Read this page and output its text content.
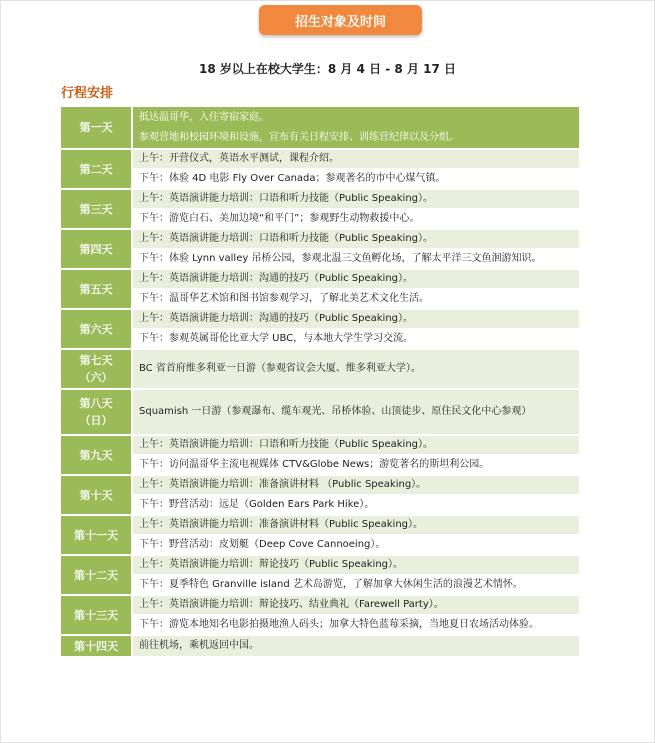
招生对象及时间
18 岁以上在校大学生：8 月 4 日 - 8 月 17 日
行程安排
第一天	抵达温哥华，入住寄宿家庭。
参观营地和校园环境和设施，宣布有关日程安排、训练营纪律以及分组。

第二天	上午：开营仪式，英语水平测试，课程介绍。
	下午：体验 4D 电影 Fly Over Canada；参观著名的市中心煤气镇。
第三天	上午：英语演讲能力培训：口语和听力技能（Public Speaking）。
	下午：游览白石、美加边境“和平门”；参观野生动物救援中心。
第四天	上午：英语演讲能力培训：口语和听力技能（Public Speaking）。
	下午：体验 Lynn valley 吊桥公园，参观北温三文鱼孵化场，了解太平洋三文鱼洄游知识。
第五天	上午：英语演讲能力培训：沟通的技巧（Public Speaking）。
	下午：温哥华艺术馆和图书馆参观学习，了解北美艺术文化生活。
第六天	上午：英语演讲能力培训：沟通的技巧（Public Speaking）。
	下午：参观英属哥伦比亚大学 UBC，与本地大学生学习交流。

第七天
（六）	BC 省首府维多利亚一日游（参观省议会大厦、维多利亚大学）。

第八天
（日）	Squamish 一日游（参观瀑布、缆车观光、吊桥体验、山顶徒步、原住民文化中心参观）
第九天	上午：英语演讲能力培训：口语和听力技能（Public Speaking）。
	下午：访问温哥华主流电视媒体 CTV&Globe News；游览著名的斯坦利公园。
第十天	上午：英语演讲能力培训：准备演讲材料 （Public Speaking）。
	下午：野营活动：远足（Golden Ears Park Hike）。
第十一天	上午：英语演讲能力培训：准备演讲材料（Public Speaking）。
	下午：野营活动：皮划艇（Deep Cove Cannoeing）。
第十二天	上午：英语演讲能力培训：辩论技巧（Public Speaking）。
	下午：夏季特色 Granville island 艺术岛游览，了解加拿大休闲生活的浪漫艺术情怀。
第十三天	上午：英语演讲能力培训：辩论技巧、结业典礼（Farewell Party）。
	下午：游览本地知名电影拍摄地渔人码头；加拿大特色蓝莓采摘，当地夏日农场活动体验。
第十四天	前往机场，乘机返回中国。
